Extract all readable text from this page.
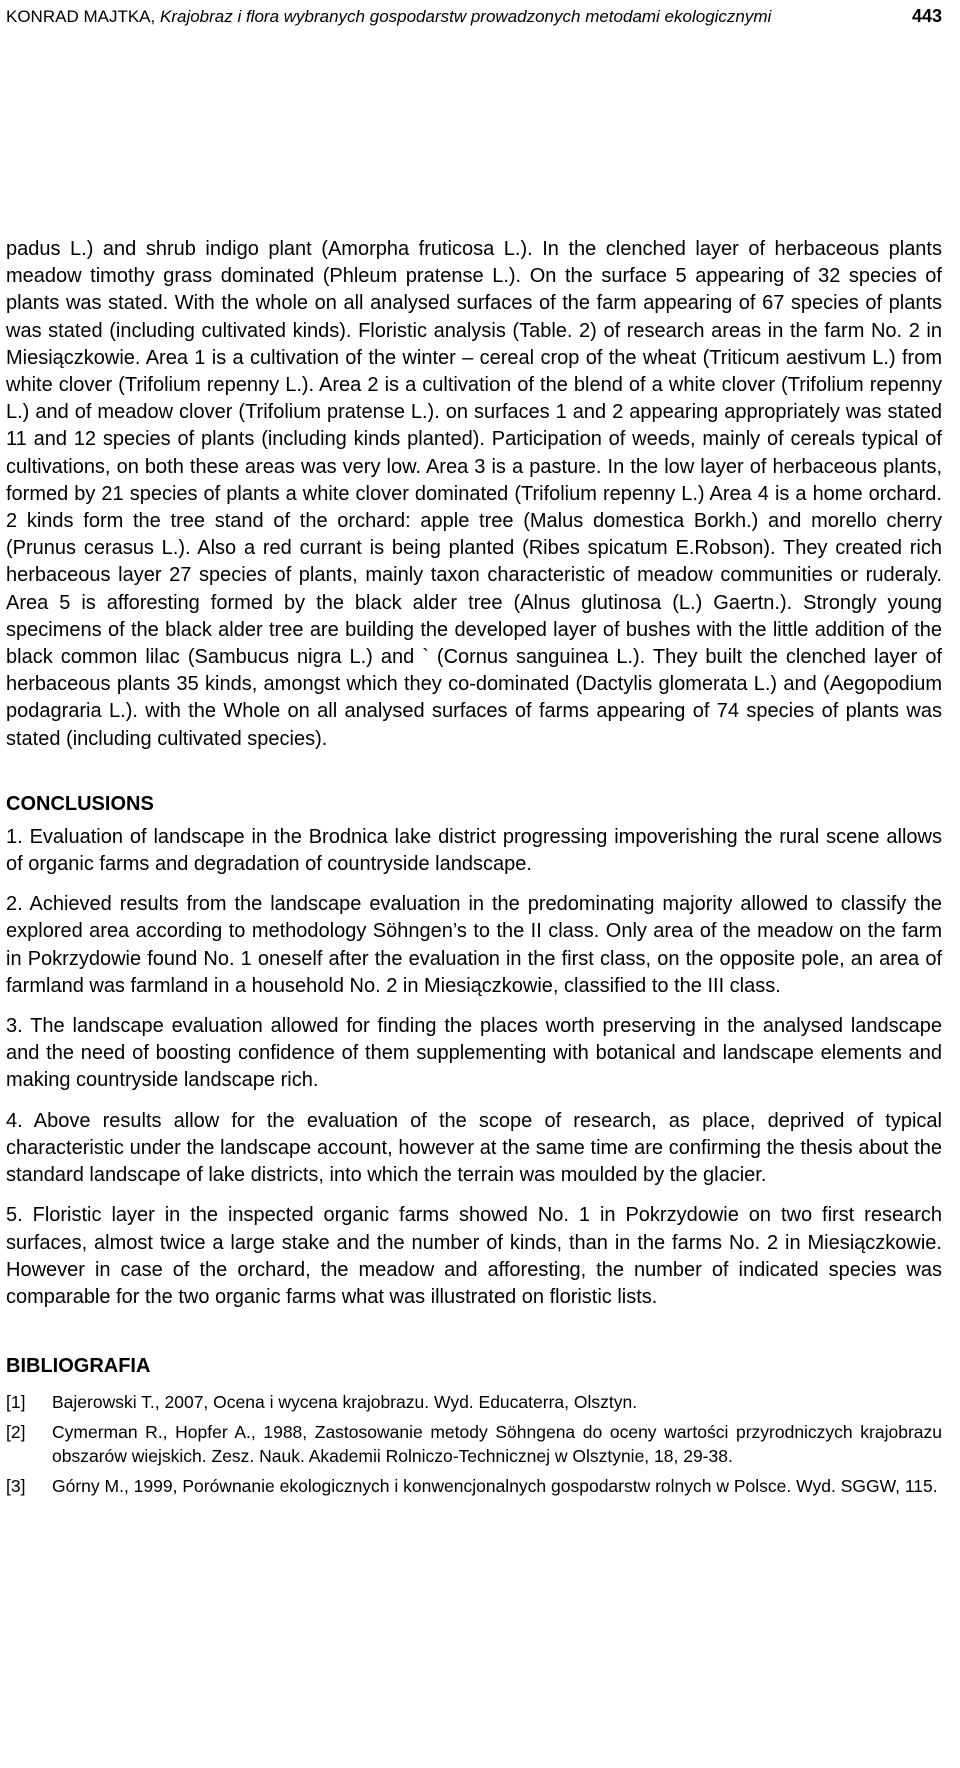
KONRAD MAJTKA, Krajobraz i flora wybranych gospodarstw prowadzonych metodami ekologicznymi	443

padus L.) and shrub indigo plant (Amorpha fruticosa L.). In the clenched layer of herbaceous plants meadow timothy grass dominated (Phleum pratense L.). On the surface 5 appearing of 32 species of plants was stated. With the whole on all analysed surfaces of the farm appearing of 67 species of plants was stated (including cultivated kinds). Floristic analysis (Table. 2) of research areas in the farm No. 2 in Miesiączkowie. Area 1 is a cultivation of the winter – cereal crop of the wheat (Triticum aestivum L.) from white clover (Trifolium repenny L.). Area 2 is a cultivation of the blend of a white clover (Trifolium repenny L.) and of meadow clover (Trifolium pratense L.). on surfaces 1 and 2 appearing appropriately was stated 11 and 12 species of plants (including kinds planted). Participation of weeds, mainly of cereals typical of cultivations, on both these areas was very low. Area 3 is a pasture. In the low layer of herbaceous plants, formed by 21 species of plants a white clover dominated (Trifolium repenny L.) Area 4 is a home orchard. 2 kinds form the tree stand of the orchard: apple tree (Malus domestica Borkh.) and morello cherry (Prunus cerasus L.). Also a red currant is being planted (Ribes spicatum E.Robson). They created rich herbaceous layer 27 species of plants, mainly taxon characteristic of meadow communities or ruderaly. Area 5 is afforesting formed by the black alder tree (Alnus glutinosa (L.) Gaertn.). Strongly young specimens of the black alder tree are building the developed layer of bushes with the little addition of the black common lilac (Sambucus nigra L.) and ` (Cornus sanguinea L.). They built the clenched layer of herbaceous plants 35 kinds, amongst which they co-dominated (Dactylis glomerata L.) and (Aegopodium podagraria L.). with the Whole on all analysed surfaces of farms appearing of 74 species of plants was stated (including cultivated species).

CONCLUSIONS

1. Evaluation of landscape in the Brodnica lake district progressing impoverishing the rural scene allows of organic farms and degradation of countryside landscape.

2. Achieved results from the landscape evaluation in the predominating majority allowed to classify the explored area according to methodology Söhngen’s to the II class. Only area of the meadow on the farm in Pokrzydowie found No. 1 oneself after the evaluation in the first class, on the opposite pole, an area of farmland was farmland in a household No. 2 in Miesiączkowie, classified to the III class.

3. The landscape evaluation allowed for finding the places worth preserving in the analysed landscape and the need of boosting confidence of them supplementing with botanical and landscape elements and making countryside landscape rich.

4. Above results allow for the evaluation of the scope of research, as place, deprived of typical characteristic under the landscape account, however at the same time are confirming the thesis about the standard landscape of lake districts, into which the terrain was moulded by the glacier.

5. Floristic layer in the inspected organic farms showed No. 1 in Pokrzydowie on two first research surfaces, almost twice a large stake and the number of kinds, than in the farms No. 2 in Miesiączkowie. However in case of the orchard, the meadow and afforesting, the number of indicated species was comparable for the two organic farms what was illustrated on floristic lists.

BIBLIOGRAFIA
[1]	Bajerowski T., 2007, Ocena i wycena krajobrazu. Wyd. Educaterra, Olsztyn.
[2]	Cymerman R., Hopfer A., 1988, Zastosowanie metody Söhngena do oceny wartości przyrodniczych krajobrazu obszarów wiejskich. Zesz. Nauk. Akademii Rolniczo-Technicznej w Olsztynie, 18, 29-38.
[3]	Górny M., 1999, Porównanie ekologicznych i konwencjonalnych gospodarstw rolnych w Polsce. Wyd. SGGW, 115.
